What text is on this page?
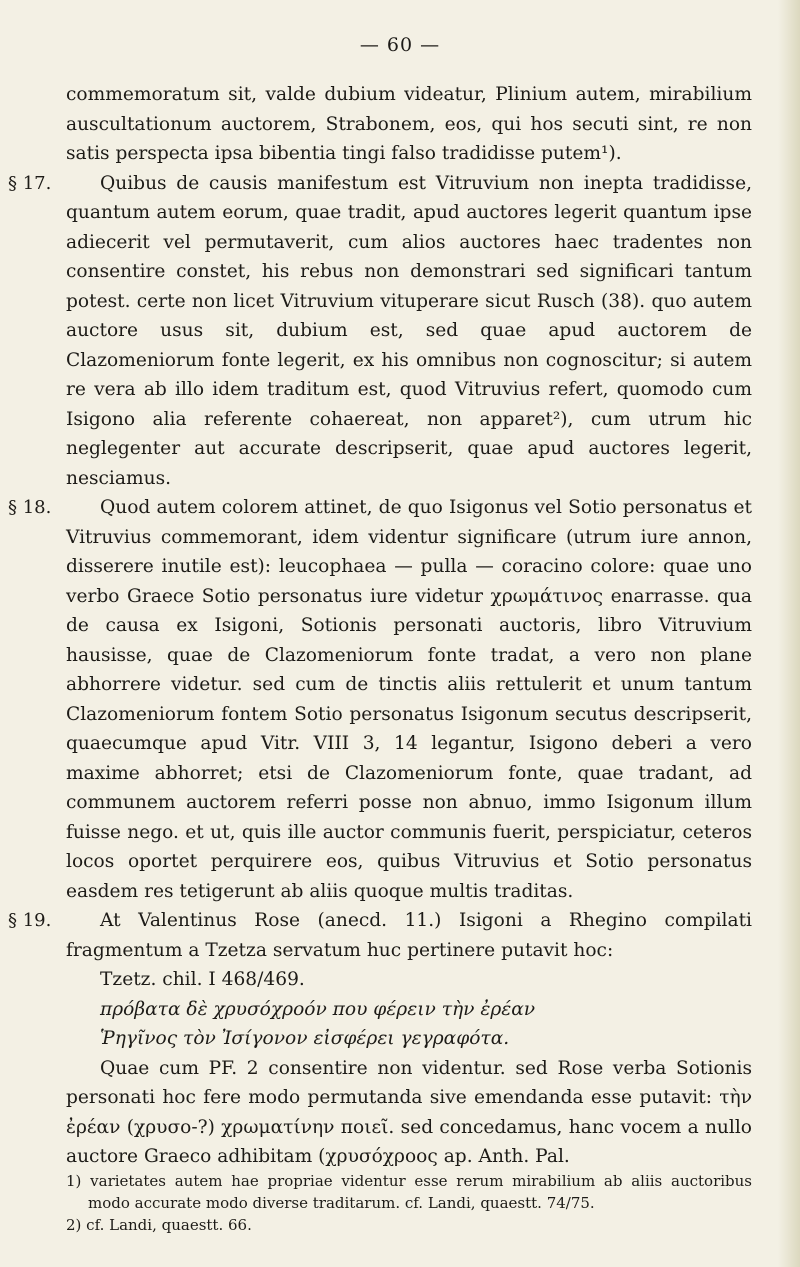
— 60 —

commemoratum sit, valde dubium videatur, Plinium autem, mirabilium auscultationum auctorem, Strabonem, eos, qui hos secuti sint, re non satis perspecta ipsa bibentia tingi falso tradidisse putem¹).

§ 17.	Quibus de causis manifestum est Vitruvium non inepta tradidisse, quantum autem eorum, quae tradit, apud auctores legerit quantum ipse adiecerit vel permutaverit, cum alios auctores haec tradentes non consentire constet, his rebus non demonstrari sed significari tantum potest. certe non licet Vitruvium vituperare sicut Rusch (38). quo autem auctore usus sit, dubium est, sed quae apud auctorem de Clazomeniorum fonte legerit, ex his omnibus non cognoscitur; si autem re vera ab illo idem traditum est, quod Vitruvius refert, quomodo cum Isigono alia referente cohaereat, non apparet²), cum utrum hic neglegenter aut accurate descripserit, quae apud auctores legerit, nesciamus.

§ 18.	Quod autem colorem attinet, de quo Isigonus vel Sotio personatus et Vitruvius commemorant, idem videntur significare (utrum iure annon, disserere inutile est): leucophaea — pulla — coracino colore: quae uno verbo Graece Sotio personatus iure videtur χρωμάτινος enarrasse. qua de causa ex Isigoni, Sotionis personati auctoris, libro Vitruvium hausisse, quae de Clazomeniorum fonte tradat, a vero non plane abhorrere videtur. sed cum de tinctis aliis rettulerit et unum tantum Clazomeniorum fontem Sotio personatus Isigonum secutus descripserit, quaecumque apud Vitr. VIII 3, 14 legantur, Isigono deberi a vero maxime abhorret; etsi de Clazomeniorum fonte, quae tradant, ad communem auctorem referri posse non abnuo, immo Isigonum illum fuisse nego. et ut, quis ille auctor communis fuerit, perspiciatur, ceteros locos oportet perquirere eos, quibus Vitruvius et Sotio personatus easdem res tetigerunt ab aliis quoque multis traditas.

§ 19.	At Valentinus Rose (anecd. 11.) Isigoni a Rhegino compilati fragmentum a Tzetza servatum huc pertinere putavit hoc:

Tzetz. chil. I 468/469.

πρόβατα δὲ χρυσόχροόν που φέρειν τὴν ἐρέαν

Ῥηγῖνος τὸν Ἰσίγονον εἰσφέρει γεγραφότα.

Quae cum PF. 2 consentire non videntur. sed Rose verba Sotionis personati hoc fere modo permutanda sive emendanda esse putavit: τὴν ἐρέαν (χρυσο-?) χρωματίνην ποιεῖ. sed concedamus, hanc vocem a nullo auctore Graeco adhibitam (χρυσόχροος ap. Anth. Pal.

1) varietates autem hae propriae videntur esse rerum mirabilium ab aliis auctoribus modo accurate modo diverse traditarum. cf. Landi, quaestt. 74/75.

2) cf. Landi, quaestt. 66.
